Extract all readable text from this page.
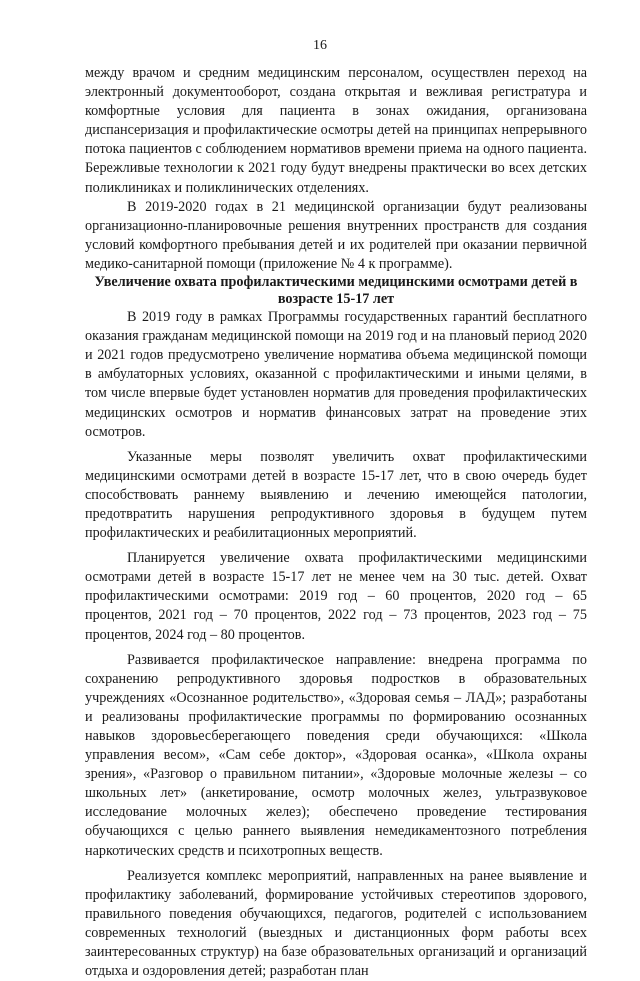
16

между врачом и средним медицинским персоналом, осуществлен переход на электронный документооборот, создана открытая и вежливая регистратура и комфортные условия для пациента в зонах ожидания, организована диспансеризация и профилактические осмотры детей на принципах непрерывного потока пациентов с соблюдением нормативов времени приема на одного пациента. Бережливые технологии к 2021 году будут внедрены практически во всех детских поликлиниках и поликлинических отделениях.

В 2019-2020 годах в 21 медицинской организации будут реализованы организационно-планировочные решения внутренних пространств для создания условий комфортного пребывания детей и их родителей при оказании первичной медико-санитарной помощи (приложение № 4 к программе).

Увеличение охвата профилактическими медицинскими осмотрами детей в возрасте 15-17 лет

В 2019 году в рамках Программы государственных гарантий бесплатного оказания гражданам медицинской помощи на 2019 год и на плановый период 2020 и 2021 годов предусмотрено увеличение норматива объема медицинской помощи в амбулаторных условиях, оказанной с профилактическими и иными целями, в том числе впервые будет установлен норматив для проведения профилактических медицинских осмотров и норматив финансовых затрат на проведение этих осмотров.

Указанные меры позволят увеличить охват профилактическими медицинскими осмотрами детей в возрасте 15-17 лет, что в свою очередь будет способствовать раннему выявлению и лечению имеющейся патологии, предотвратить нарушения репродуктивного здоровья в будущем путем профилактических и реабилитационных мероприятий.

Планируется увеличение охвата профилактическими медицинскими осмотрами детей в возрасте 15-17 лет не менее чем на 30 тыс. детей. Охват профилактическими осмотрами: 2019 год – 60 процентов, 2020 год – 65 процентов, 2021 год – 70 процентов, 2022 год – 73 процентов, 2023 год – 75 процентов, 2024 год – 80 процентов.

Развивается профилактическое направление: внедрена программа по сохранению репродуктивного здоровья подростков в образовательных учреждениях «Осознанное родительство», «Здоровая семья – ЛАД»; разработаны и реализованы профилактические программы по формированию осознанных навыков здоровьесберегающего поведения среди обучающихся: «Школа управления весом», «Сам себе доктор», «Здоровая осанка», «Школа охраны зрения», «Разговор о правильном питании», «Здоровые молочные железы – со школьных лет» (анкетирование, осмотр молочных желез, ультразвуковое исследование молочных желез); обеспечено проведение тестирования обучающихся с целью раннего выявления немедикаментозного потребления наркотических средств и психотропных веществ.

Реализуется комплекс мероприятий, направленных на ранее выявление и профилактику заболеваний, формирование устойчивых стереотипов здорового, правильного поведения обучающихся, педагогов, родителей с использованием современных технологий (выездных и дистанционных форм работы всех заинтересованных структур) на базе образовательных организаций и организаций отдыха и оздоровления детей; разработан план
